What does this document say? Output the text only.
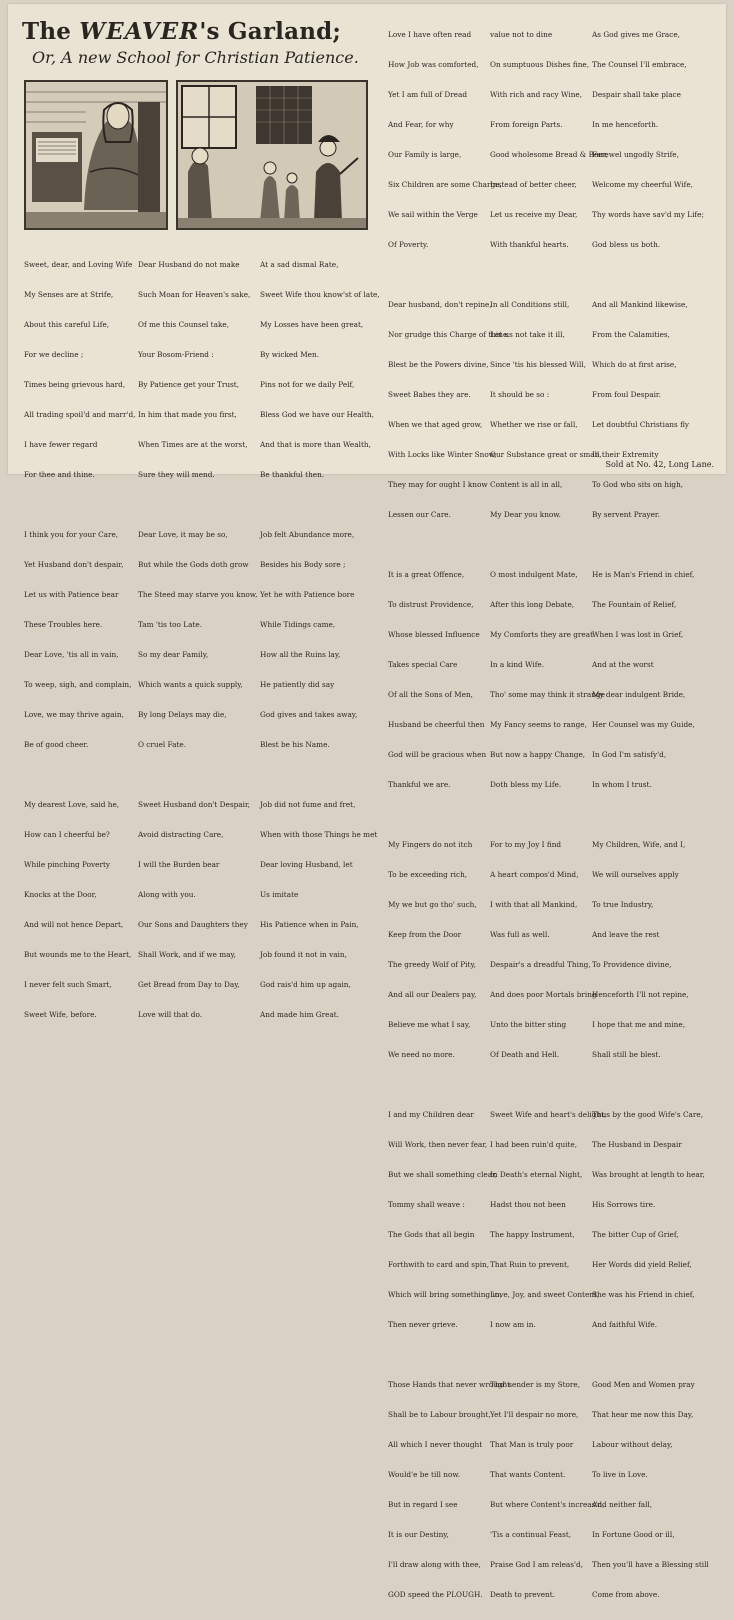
The WEAVER's Garland;
Or, A new School for Christian Patience.

Sweet, dear, and Loving Wife

My Senses are at Strife,

About this careful Life,

For we decline ;

Times being grievous hard,

All trading spoil'd and marr'd,

I have fewer regard

For thee and thine.

I think you for your Care,

Yet Husband don't despair,

Let us with Patience bear

These Troubles here.

Dear Love, 'tis all in vain,

To weep, sigh, and complain,

Love, we may thrive again,

Be of good cheer.

My dearest Love, said he,

How can I cheerful be?

While pinching Poverty

Knocks at the Door,

And will not hence Depart,

But wounds me to the Heart,

I never felt such Smart,

Sweet Wife, before.

Dear Husband do not make

Such Moan for Heaven's sake,

Of me this Counsel take,

Your Bosom-Friend :

By Patience get your Trust,

In him that made you first,

When Times are at the worst,

Sure they will mend.

Dear Love, it may be so,

But while the Gods doth grow

The Steed may starve you know,

Tam 'tis too Late.

So my dear Family,

Which wants a quick supply,

By long Delays may die,

O cruel Fate.

Sweet Husband don't Despair,

Avoid distracting Care,

I will the Burden bear

Along with you.

Our Sons and Daughters they

Shall Work, and if we may,

Get Bread from Day to Day,

Love will that do.

At a sad dismal Rate,

Sweet Wife thou know'st of late,

My Losses have been great,

By wicked Men.

Pins not for we daily Pelf,

Bless God we have our Health,

And that is more than Wealth,

Be thankful then.

Job felt Abundance more,

Besides his Body sore ;

Yet he with Patience bore

While Tidings came,

How all the Ruins lay,

He patiently did say

God gives and takes away,

Blest be his Name.

Job did not fume and fret,

When with those Things he met

Dear loving Husband, let

Us imitate

His Patience when in Pain,

Job found it not in vain,

God rais'd him up again,

And made him Great.

Love I have often read

How Job was comforted,

Yet I am full of Dread

And Fear, for why

Our Family is large,

Six Children are some Charge,

We sail within the Verge

Of Poverty.

Dear husband, don't repine,

Nor grudge this Charge of thine.

Blest be the Powers divine,

Sweet Babes they are.

When we that aged grow,

With Locks like Winter Snow,

They may for ought I know

Lessen our Care.

It is a great Offence,

To distrust Providence,

Whose blessed Influence

Takes special Care

Of all the Sons of Men,

Husband be cheerful then

God will be gracious when

Thankful we are.

My Fingers do not itch

To be exceeding rich,

My we but go tho' such,

Keep from the Door

The greedy Wolf of Pity,

And all our Dealers pay,

Believe me what I say,

We need no more.

I and my Children dear

Will Work, then never fear,

But we shall something clear,

Tommy shall weave :

The Gods that all begin

Forthwith to card and spin,

Which will bring something in,

Then never grieve.

Those Hands that never wrought

Shall be to Labour brought,

All which I never thought

Would'e be till now.

But in regard I see

It is our Destiny,

I'll draw along with thee,

GOD speed the PLOUGH.

value not to dine

On sumptuous Dishes fine,

With rich and racy Wine,

From foreign Parts.

Good wholesome Bread & Beer,

Instead of better cheer,

Let us receive my Dear,

With thankful hearts.

In all Conditions still,

Let us not take it ill,

Since 'tis his blessed Will,

It should be so :

Whether we rise or fall,

Our Substance great or small,

Content is all in all,

My Dear you know.

O most indulgent Mate,

After this long Debate,

My Comforts they are great

In a kind Wife.

Tho' some may think it strange

My Fancy seems to range,

But now a happy Change,

Doth bless my Life.

For to my Joy I find

A heart compos'd Mind,

I with that all Mankind,

Was full as well.

Despair's a dreadful Thing,

And does poor Mortals bring

Unto the bitter sting

Of Death and Hell.

Sweet Wife and heart's delight,

I had been ruin'd quite,

In Death's eternal Night,

Hadst thou not been

The happy Instrument,

That Ruin to prevent,

Love, Joy, and sweet Content,

I now am in.

Tho' sender is my Store,

Yet I'll despair no more,

That Man is truly poor

That wants Content.

But where Content's increas'd,

'Tis a continual Feast,

Praise God I am releas'd,

Death to prevent.

As God gives me Grace,

The Counsel I'll embrace,

Despair shall take place

In me henceforth.

Farewel ungodly Strife,

Welcome my cheerful Wife,

Thy words have sav'd my Life;

God bless us both.

And all Mankind likewise,

From the Calamities,

Which do at first arise,

From foul Despair.

Let doubtful Christians fly

In their Extremity

To God who sits on high,

By servent Prayer.

He is Man's Friend in chief,

The Fountain of Relief,

When I was lost in Grief,

And at the worst

My dear indulgent Bride,

Her Counsel was my Guide,

In God I'm satisfy'd,

In whom I trust.

My Children, Wife, and I,

We will ourselves apply

To true Industry,

And leave the rest

To Providence divine,

Henceforth I'll not repine,

I hope that me and mine,

Shall still be blest.

Thus by the good Wife's Care,

The Husband in Despair

Was brought at length to hear,

His Sorrows tire.

The bitter Cup of Grief,

Her Words did yield Relief,

She was his Friend in chief,

And faithful Wife.

Good Men and Women pray

That hear me now this Day,

Labour without delay,

To live in Love.

And neither fall,

In Fortune Good or ill,

Then you'll have a Blessing still

Come from above.

Sold at No. 42, Long Lane.
